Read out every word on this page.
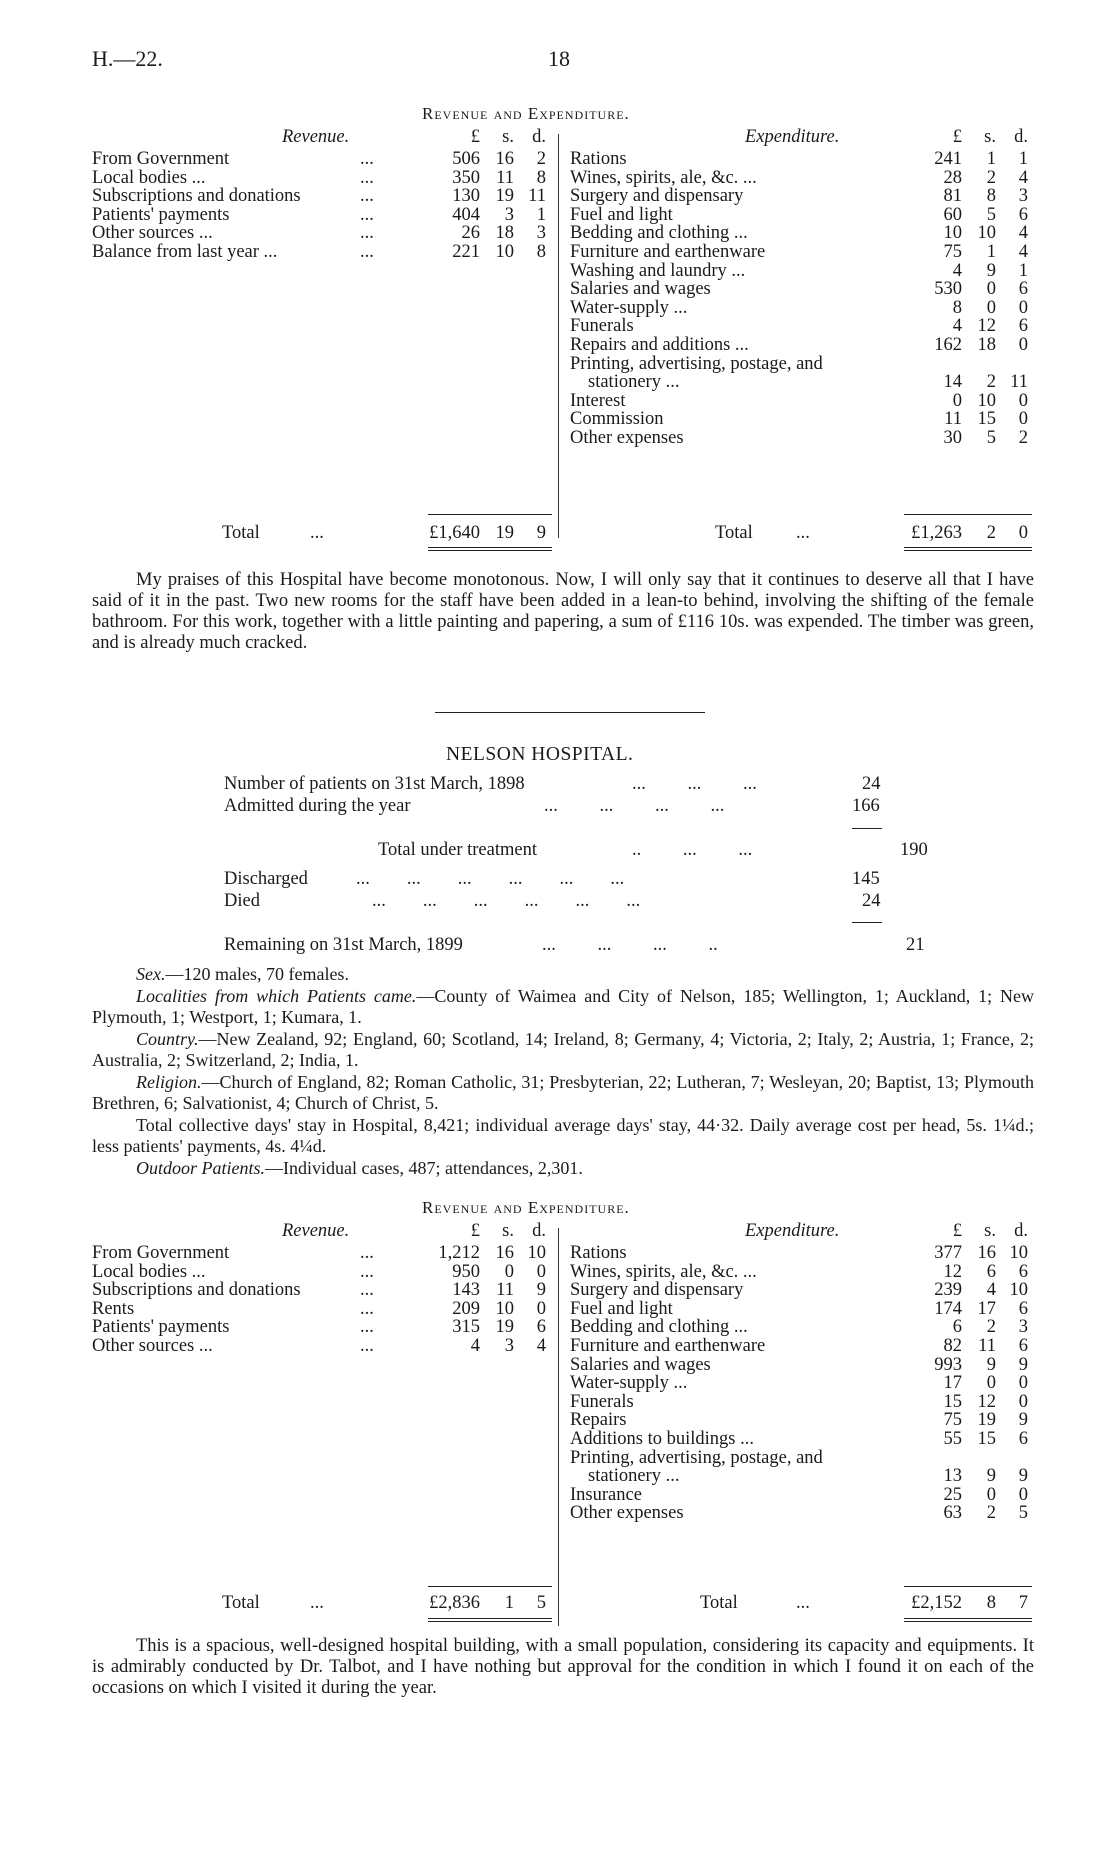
H.—22.	18
Revenue and Expenditure.
Revenue.	£ s. d.
From Government	...	506 16 2
Local bodies ...	...	350 11 8
Subscriptions and donations	...	130 19 11
Patients' payments	...	404 3 1
Other sources ...	...	26 18 3
Balance from last year ...	...	221 10 8
Expenditure.	£ s. d.
Rations	241 1 1
Wines, spirits, ale, &c. ...	28 2 4
Surgery and dispensary	81 8 3
Fuel and light	60 5 6
Bedding and clothing ...	10 10 4
Furniture and earthenware	75 1 4
Washing and laundry ...	4 9 1
Salaries and wages	530 0 6
Water-supply ...	8 0 0
Funerals	4 12 6
Repairs and additions ...	162 18 0
Printing, advertising, postage, and
stationery ...	14 2 11
Interest	0 10 0
Commission	11 15 0
Other expenses	30 5 2
Total	...	£1,640 19 9	Total ...	£1,263 2 0

My praises of this Hospital have become monotonous. Now, I will only say that it continues to deserve all that I have said of it in the past. Two new rooms for the staff have been added in a lean-to behind, involving the shifting of the female bathroom. For this work, together with a little painting and papering, a sum of £116 10s. was expended. The timber was green, and is already much cracked.

NELSON HOSPITAL.
Number of patients on 31st March, 1898	...         ...         ...	24
Admitted during the year	...         ...         ...         ...	166
Total under treatment	..         ...         ...	190
Discharged	...        ...        ...        ...        ...        ...	145
Died	...        ...        ...        ...        ...        ...	24
Remaining on 31st March, 1899	...         ...         ...         ..	21

Sex.—120 males, 70 females.

Localities from which Patients came.—County of Waimea and City of Nelson, 185; Wellington, 1; Auckland, 1; New Plymouth, 1; Westport, 1; Kumara, 1.

Country.—New Zealand, 92; England, 60; Scotland, 14; Ireland, 8; Germany, 4; Victoria, 2; Italy, 2; Austria, 1; France, 2; Australia, 2; Switzerland, 2; India, 1.

Religion.—Church of England, 82; Roman Catholic, 31; Presbyterian, 22; Lutheran, 7; Wesleyan, 20; Baptist, 13; Plymouth Brethren, 6; Salvationist, 4; Church of Christ, 5.

Total collective days' stay in Hospital, 8,421; individual average days' stay, 44·32. Daily average cost per head, 5s. 1¼d.; less patients' payments, 4s. 4¼d.

Outdoor Patients.—Individual cases, 487; attendances, 2,301.

Revenue and Expenditure.
Revenue.	£ s. d.
From Government	...	1,212 16 10
Local bodies ...	...	950 0 0
Subscriptions and donations	...	143 11 9
Rents	...	209 10 0
Patients' payments	...	315 19 6
Other sources ...	...	4 3 4
Expenditure.	£ s. d.
Rations	377 16 10
Wines, spirits, ale, &c. ...	12 6 6
Surgery and dispensary	239 4 10
Fuel and light	174 17 6
Bedding and clothing ...	6 2 3
Furniture and earthenware	82 11 6
Salaries and wages	993 9 9
Water-supply ...	17 0 0
Funerals	15 12 0
Repairs	75 19 9
Additions to buildings ...	55 15 6
Printing, advertising, postage, and
stationery ...	13 9 9
Insurance	25 0 0
Other expenses	63 2 5
Total	...	£2,836 1 5	Total	...	£2,152 8 7

This is a spacious, well-designed hospital building, with a small population, considering its capacity and equipments. It is admirably conducted by Dr. Talbot, and I have nothing but approval for the condition in which I found it on each of the occasions on which I visited it during the year.
